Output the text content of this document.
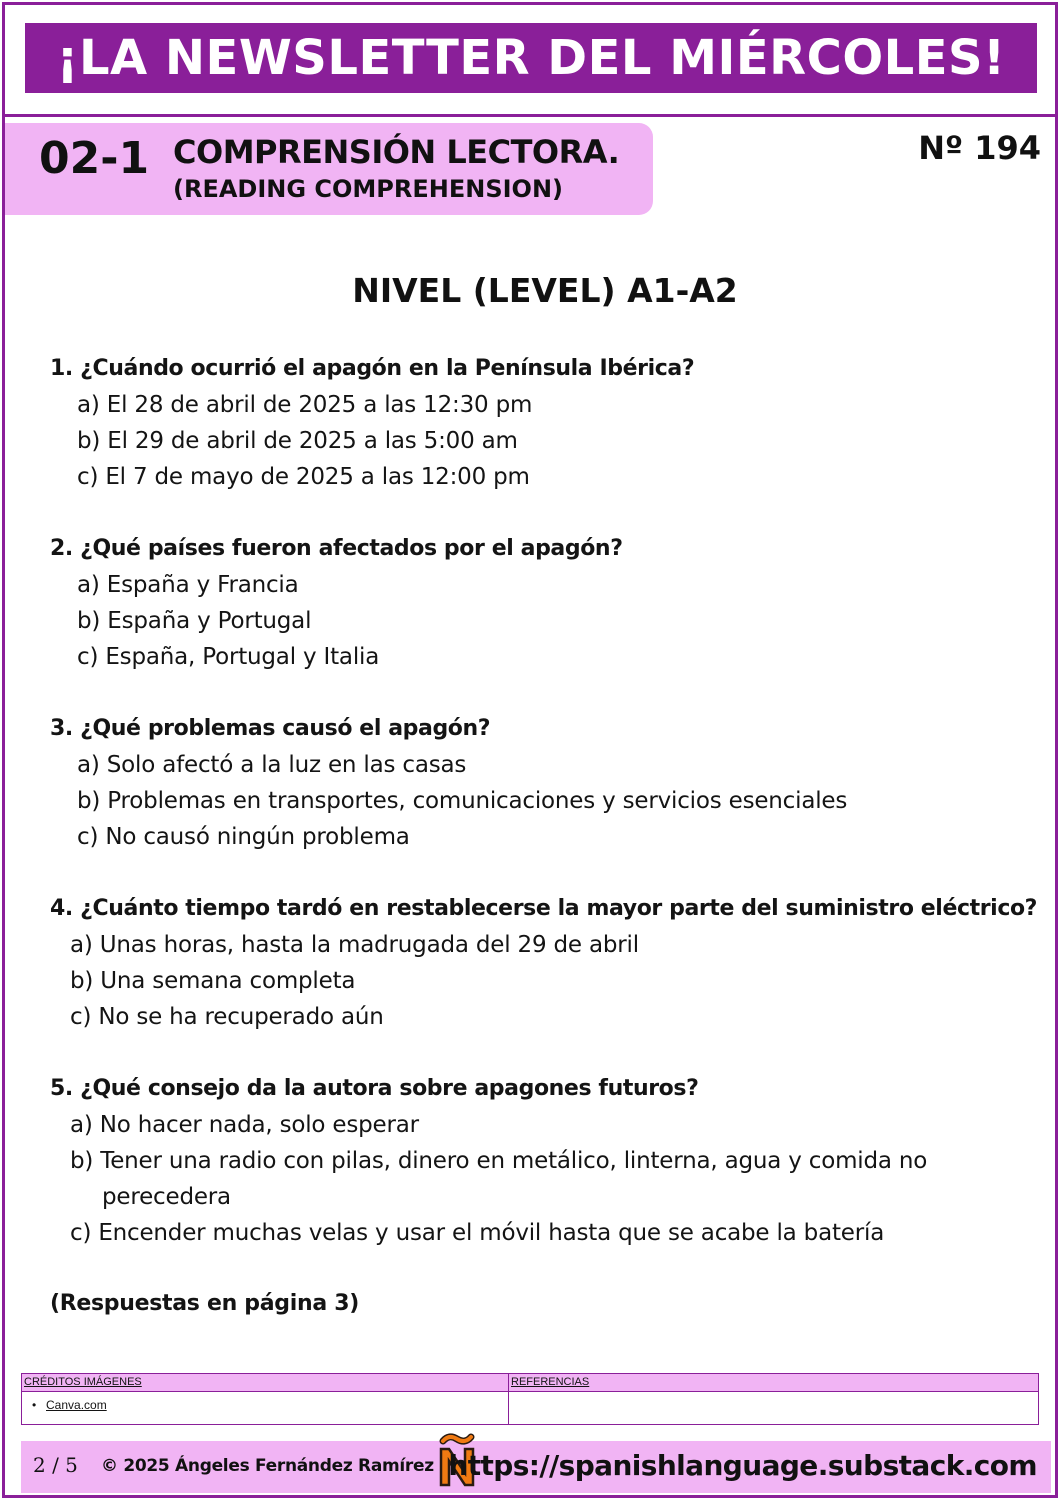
¡LA NEWSLETTER DEL MIÉRCOLES!
02-1 COMPRENSIÓN LECTORA.
(READING COMPREHENSION)
Nº 194
NIVEL (LEVEL) A1-A2
1. ¿Cuándo ocurrió el apagón en la Península Ibérica?
a) El 28 de abril de 2025 a las 12:30 pm
b) El 29 de abril de 2025 a las 5:00 am
c) El 7 de mayo de 2025 a las 12:00 pm
2. ¿Qué países fueron afectados por el apagón?
a) España y Francia
b) España y Portugal
c) España, Portugal y Italia
3. ¿Qué problemas causó el apagón?
a) Solo afectó a la luz en las casas
b) Problemas en transportes, comunicaciones y servicios esenciales
c) No causó ningún problema
4. ¿Cuánto tiempo tardó en restablecerse la mayor parte del suministro eléctrico?
a) Unas horas, hasta la madrugada del 29 de abril
b) Una semana completa
c) No se ha recuperado aún
5. ¿Qué consejo da la autora sobre apagones futuros?
a) No hacer nada, solo esperar
b) Tener una radio con pilas, dinero en metálico, linterna, agua y comida no
perecedera
c) Encender muchas velas y usar el móvil hasta que se acabe la batería
(Respuestas en página 3)
CRÉDITOS IMÁGENES	REFERENCIAS
• Canva.com
2 / 5 © 2025 Ángeles Fernández Ramírez https://spanishlanguage.substack.com
